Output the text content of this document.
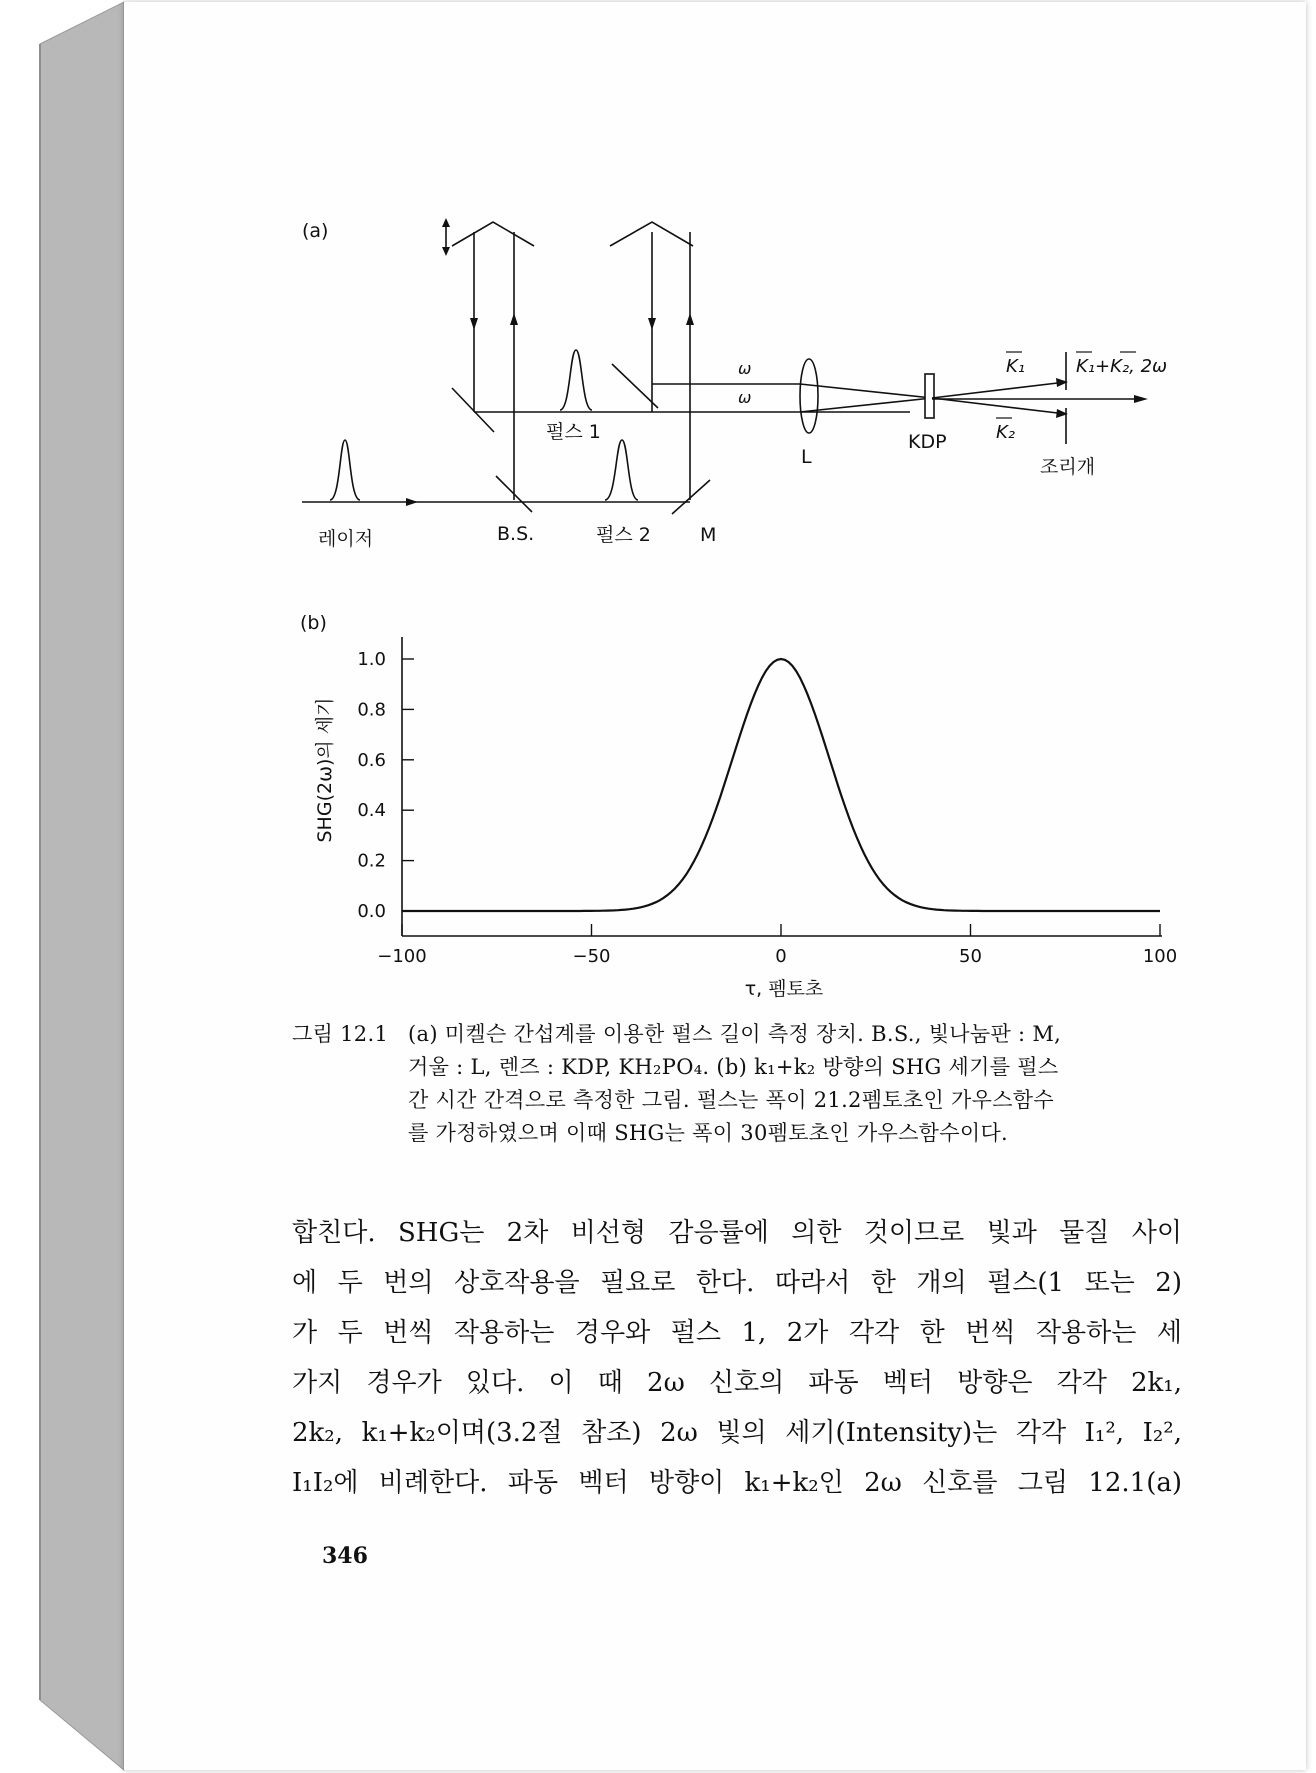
(a)
레이저	B.S.
펄스 1
펄스 2	M
L
KDP
ω
ω
K₁
K₂
K₁+K₂, 2ω
조리개
(b)
0.0
0.2
0.4
0.6
0.8
1.0
−100	−50	0	50	100
SHG(2ω)의 세기
τ, 펨토초
그림 12.1 (a) 미켈슨 간섭계를 이용한 펄스 길이 측정 장치. B.S., 빛나눔판 : M,
거울 : L, 렌즈 : KDP, KH₂PO₄. (b) k₁+k₂ 방향의 SHG 세기를 펄스
간 시간 간격으로 측정한 그림. 펄스는 폭이 21.2펨토초인 가우스함수
를 가정하였으며 이때 SHG는 폭이 30펨토초인 가우스함수이다.
합친다. SHG는 2차 비선형 감응률에 의한 것이므로 빛과 물질 사이
에 두 번의 상호작용을 필요로 한다. 따라서 한 개의 펄스(1 또는 2)
가 두 번씩 작용하는 경우와 펄스 1, 2가 각각 한 번씩 작용하는 세
가지 경우가 있다. 이 때 2ω 신호의 파동 벡터 방향은 각각 2k₁,
2k₂, k₁+k₂이며(3.2절 참조) 2ω 빛의 세기(Intensity)는 각각 I₁², I₂²,
I₁I₂에 비례한다. 파동 벡터 방향이 k₁+k₂인 2ω 신호를 그림 12.1(a)
346
